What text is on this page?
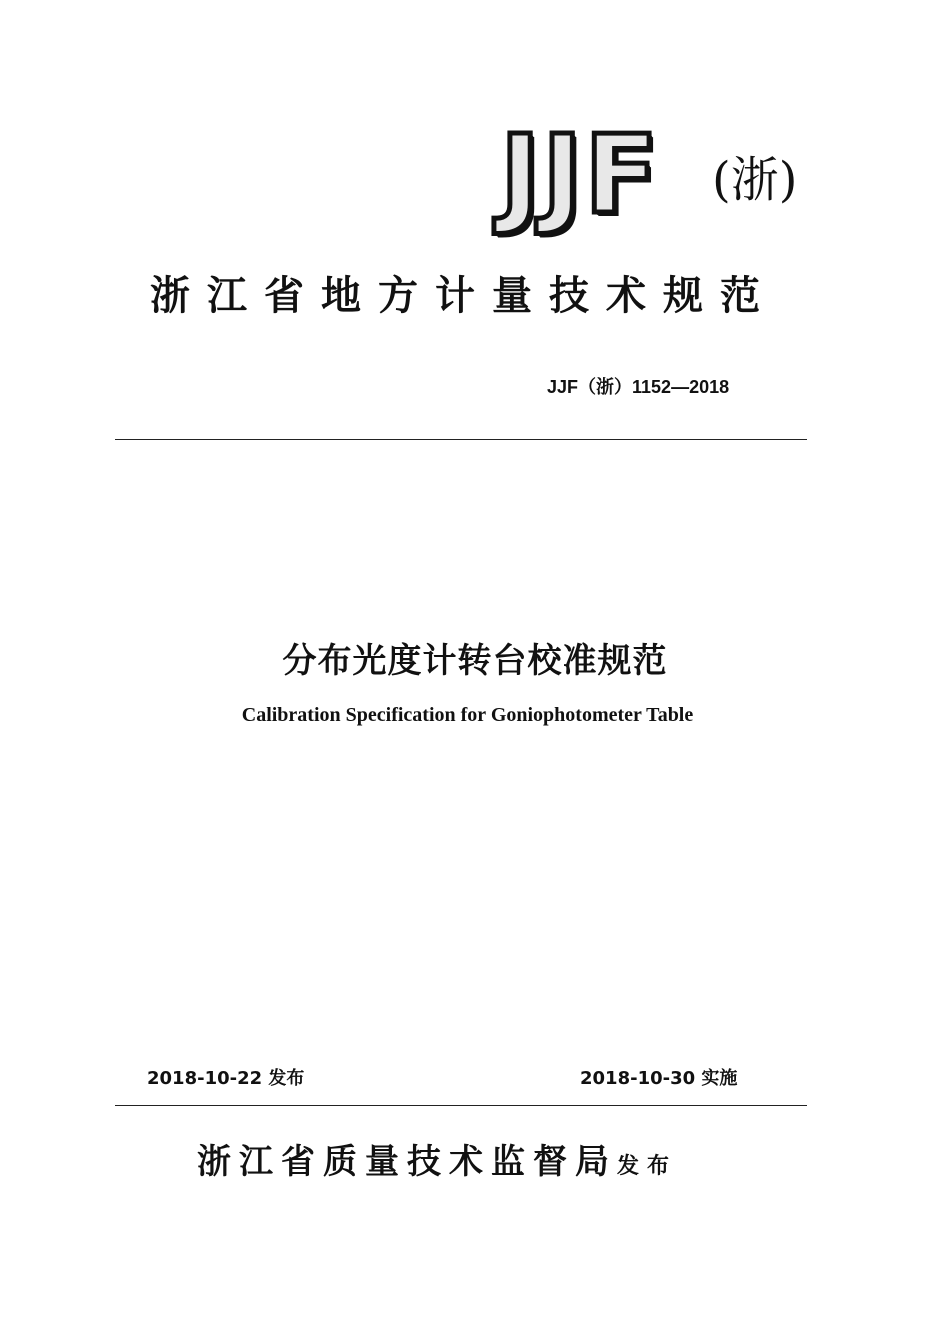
JJF (浙)
浙江省地方计量技术规范
JJF（浙）1152—2018
分布光度计转台校准规范
Calibration Specification for Goniophotometer Table
2018-10-22 发布	2018-10-30 实施
浙江省质量技术监督局发布
